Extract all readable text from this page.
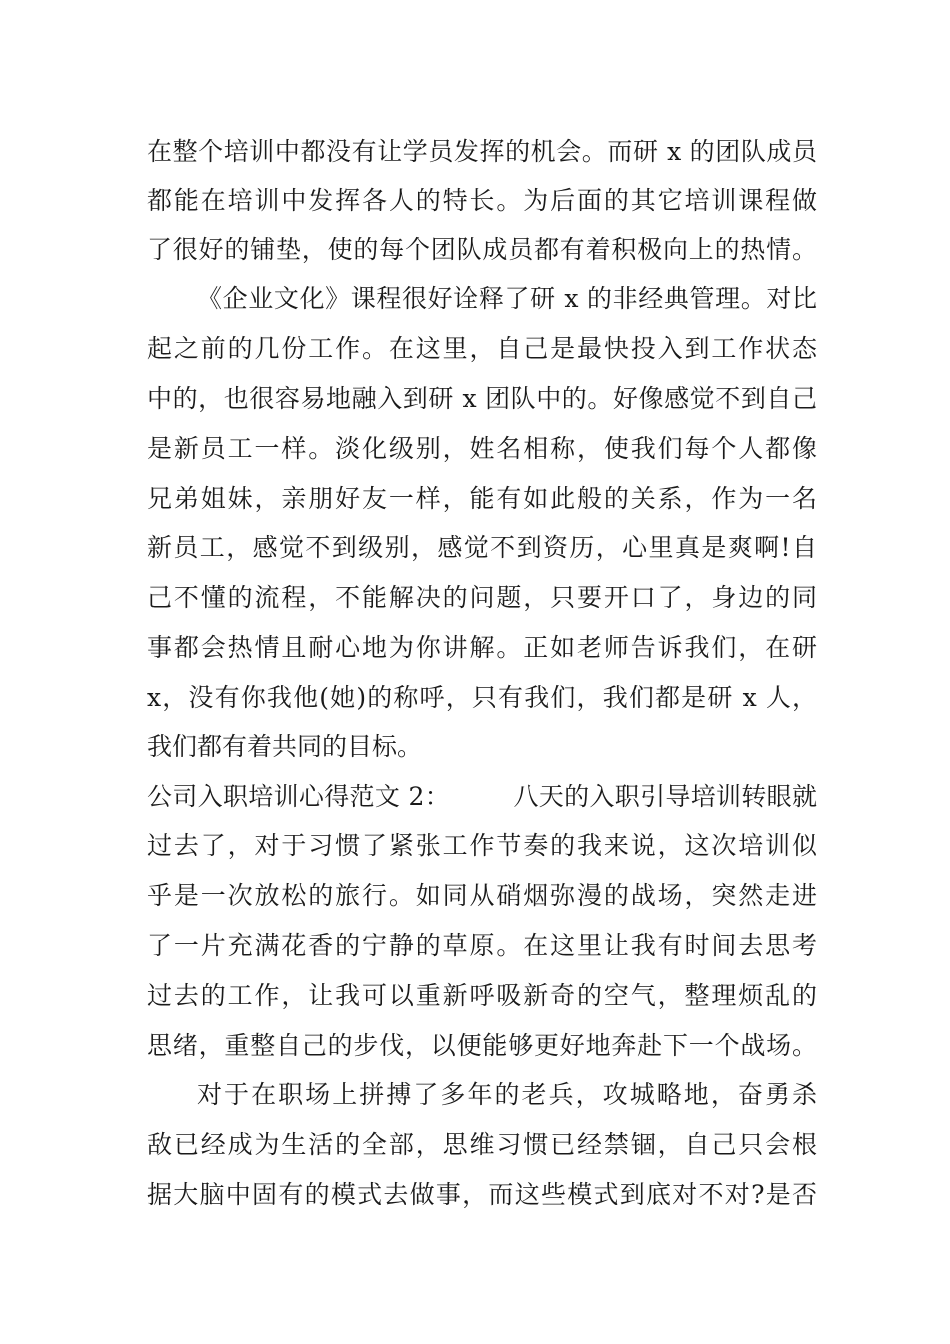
在整个培训中都没有让学员发挥的机会。而研 x 的团队成员
都能在培训中发挥各人的特长。为后面的其它培训课程做
了很好的铺垫，使的每个团队成员都有着积极向上的热情。
《企业文化》课程很好诠释了研 x 的非经典管理。对比
起之前的几份工作。在这里，自己是最快投入到工作状态
中的，也很容易地融入到研 x 团队中的。好像感觉不到自己
是新员工一样。淡化级别，姓名相称，使我们每个人都像
兄弟姐妹，亲朋好友一样，能有如此般的关系，作为一名
新员工，感觉不到级别，感觉不到资历，心里真是爽啊!自
己不懂的流程，不能解决的问题，只要开口了，身边的同
事都会热情且耐心地为你讲解。正如老师告诉我们，在研
x，没有你我他(她)的称呼，只有我们，我们都是研 x 人，
我们都有着共同的目标。
公司入职培训心得范文 2：　　　八天的入职引导培训转眼就
过去了，对于习惯了紧张工作节奏的我来说，这次培训似
乎是一次放松的旅行。如同从硝烟弥漫的战场，突然走进
了一片充满花香的宁静的草原。在这里让我有时间去思考
过去的工作，让我可以重新呼吸新奇的空气，整理烦乱的
思绪，重整自己的步伐，以便能够更好地奔赴下一个战场。
对于在职场上拼搏了多年的老兵，攻城略地，奋勇杀
敌已经成为生活的全部，思维习惯已经禁锢，自己只会根
据大脑中固有的模式去做事，而这些模式到底对不对?是否
